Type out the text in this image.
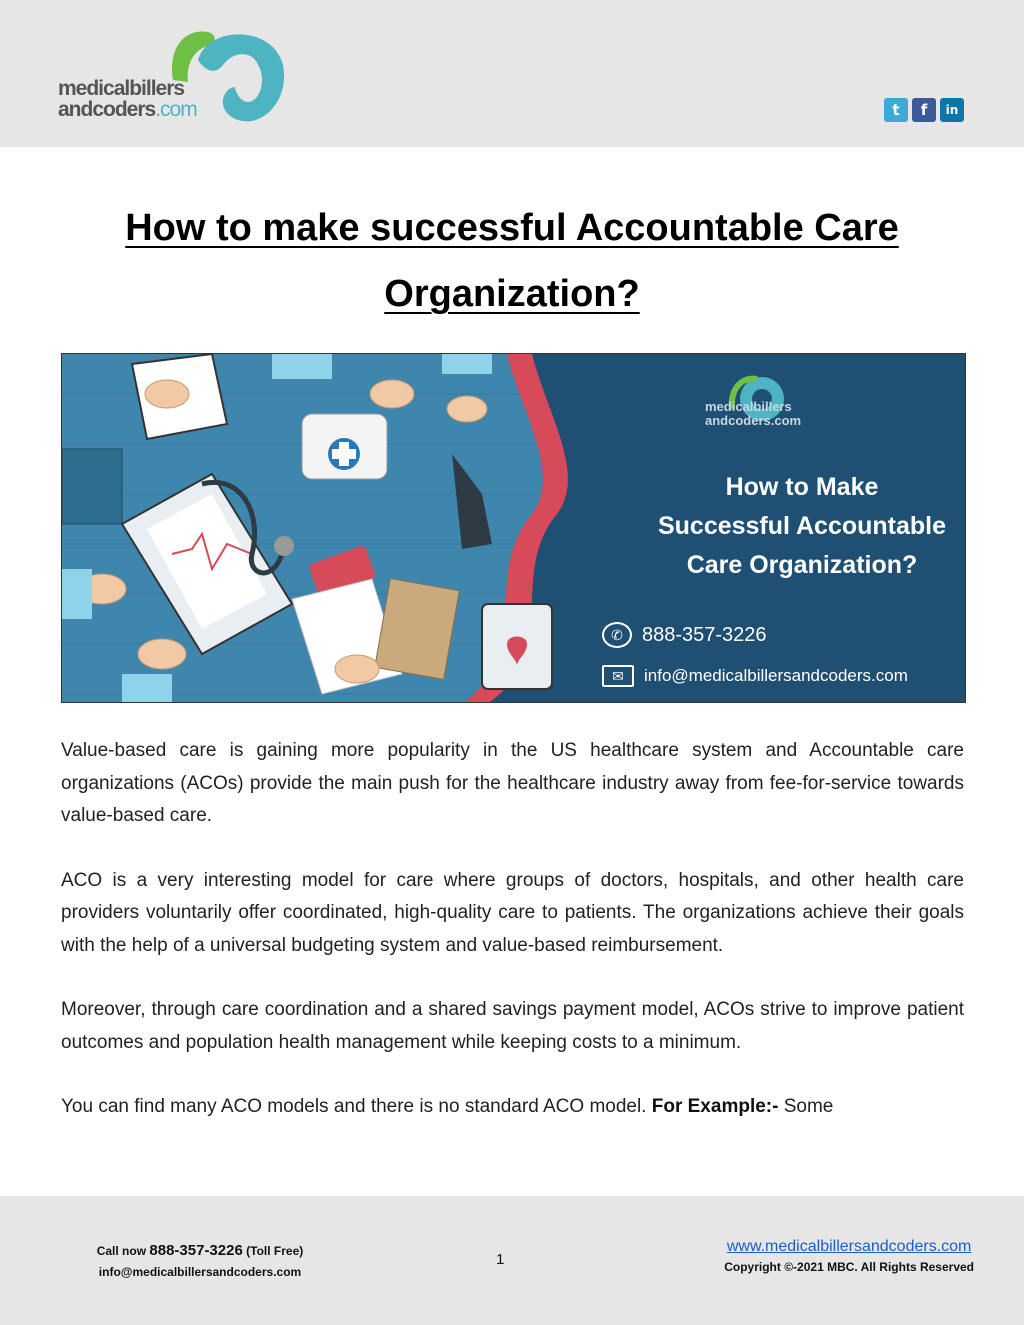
medicalbillers
andcoders.com	t	f	in
How to make successful Accountable Care
Organization?
medicalbillers
andcoders.com
How to Make
Successful Accountable
Care Organization?
✆ 888-357-3226
✉	info@medicalbillersandcoders.com

Value-based care is gaining more popularity in the US healthcare system and Accountable care organizations (ACOs) provide the main push for the healthcare industry away from fee-for-service towards value-based care.

ACO is a very interesting model for care where groups of doctors, hospitals, and other health care providers voluntarily offer coordinated, high-quality care to patients. The organizations achieve their goals with the help of a universal budgeting system and value-based reimbursement.

Moreover, through care coordination and a shared savings payment model, ACOs strive to improve patient outcomes and population health management while keeping costs to a minimum.

You can find many ACO models and there is no standard ACO model. For Example:- Some

Call now 888-357-3226 (Toll Free)
info@medicalbillersandcoders.com
1
www.medicalbillersandcoders.com
Copyright ©-2021 MBC. All Rights Reserved
